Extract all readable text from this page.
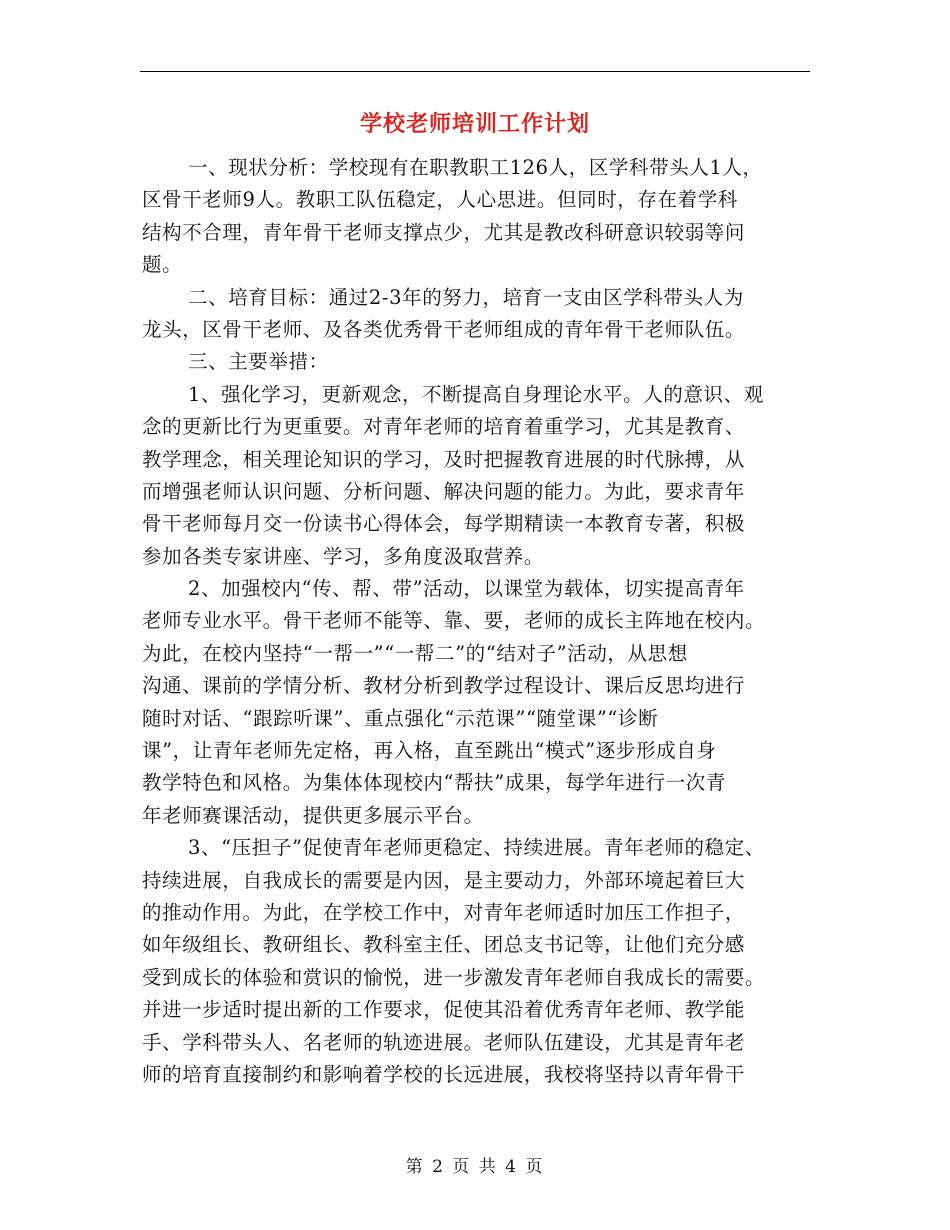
学校老师培训工作计划
一、现状分析：学校现有在职教职工126人，区学科带头人1人，
区骨干老师9人。教职工队伍稳定，人心思进。但同时，存在着学科
结构不合理，青年骨干老师支撑点少，尤其是教改科研意识较弱等问
题。
二、培育目标：通过2-3年的努力，培育一支由区学科带头人为
龙头，区骨干老师、及各类优秀骨干老师组成的青年骨干老师队伍。
三、主要举措：
1、强化学习，更新观念，不断提高自身理论水平。人的意识、观
念的更新比行为更重要。对青年老师的培育着重学习，尤其是教育、
教学理念，相关理论知识的学习，及时把握教育进展的时代脉搏，从
而增强老师认识问题、分析问题、解决问题的能力。为此，要求青年
骨干老师每月交一份读书心得体会，每学期精读一本教育专著，积极
参加各类专家讲座、学习，多角度汲取营养。
2、加强校内“传、帮、带”活动，以课堂为载体，切实提高青年
老师专业水平。骨干老师不能等、靠、要，老师的成长主阵地在校内。
为此，在校内坚持“一帮一”“一帮二”的“结对子”活动，从思想
沟通、课前的学情分析、教材分析到教学过程设计、课后反思均进行
随时对话、“跟踪听课”、重点强化“示范课”“随堂课”“诊断
课”，让青年老师先定格，再入格，直至跳出“模式”逐步形成自身
教学特色和风格。为集体体现校内“帮扶”成果，每学年进行一次青
年老师赛课活动，提供更多展示平台。
3、“压担子”促使青年老师更稳定、持续进展。青年老师的稳定、
持续进展，自我成长的需要是内因，是主要动力，外部环境起着巨大
的推动作用。为此，在学校工作中，对青年老师适时加压工作担子，
如年级组长、教研组长、教科室主任、团总支书记等，让他们充分感
受到成长的体验和赏识的愉悦，进一步激发青年老师自我成长的需要。
并进一步适时提出新的工作要求，促使其沿着优秀青年老师、教学能
手、学科带头人、名老师的轨迹进展。老师队伍建设，尤其是青年老
师的培育直接制约和影响着学校的长远进展，我校将坚持以青年骨干
第 2 页 共 4 页
